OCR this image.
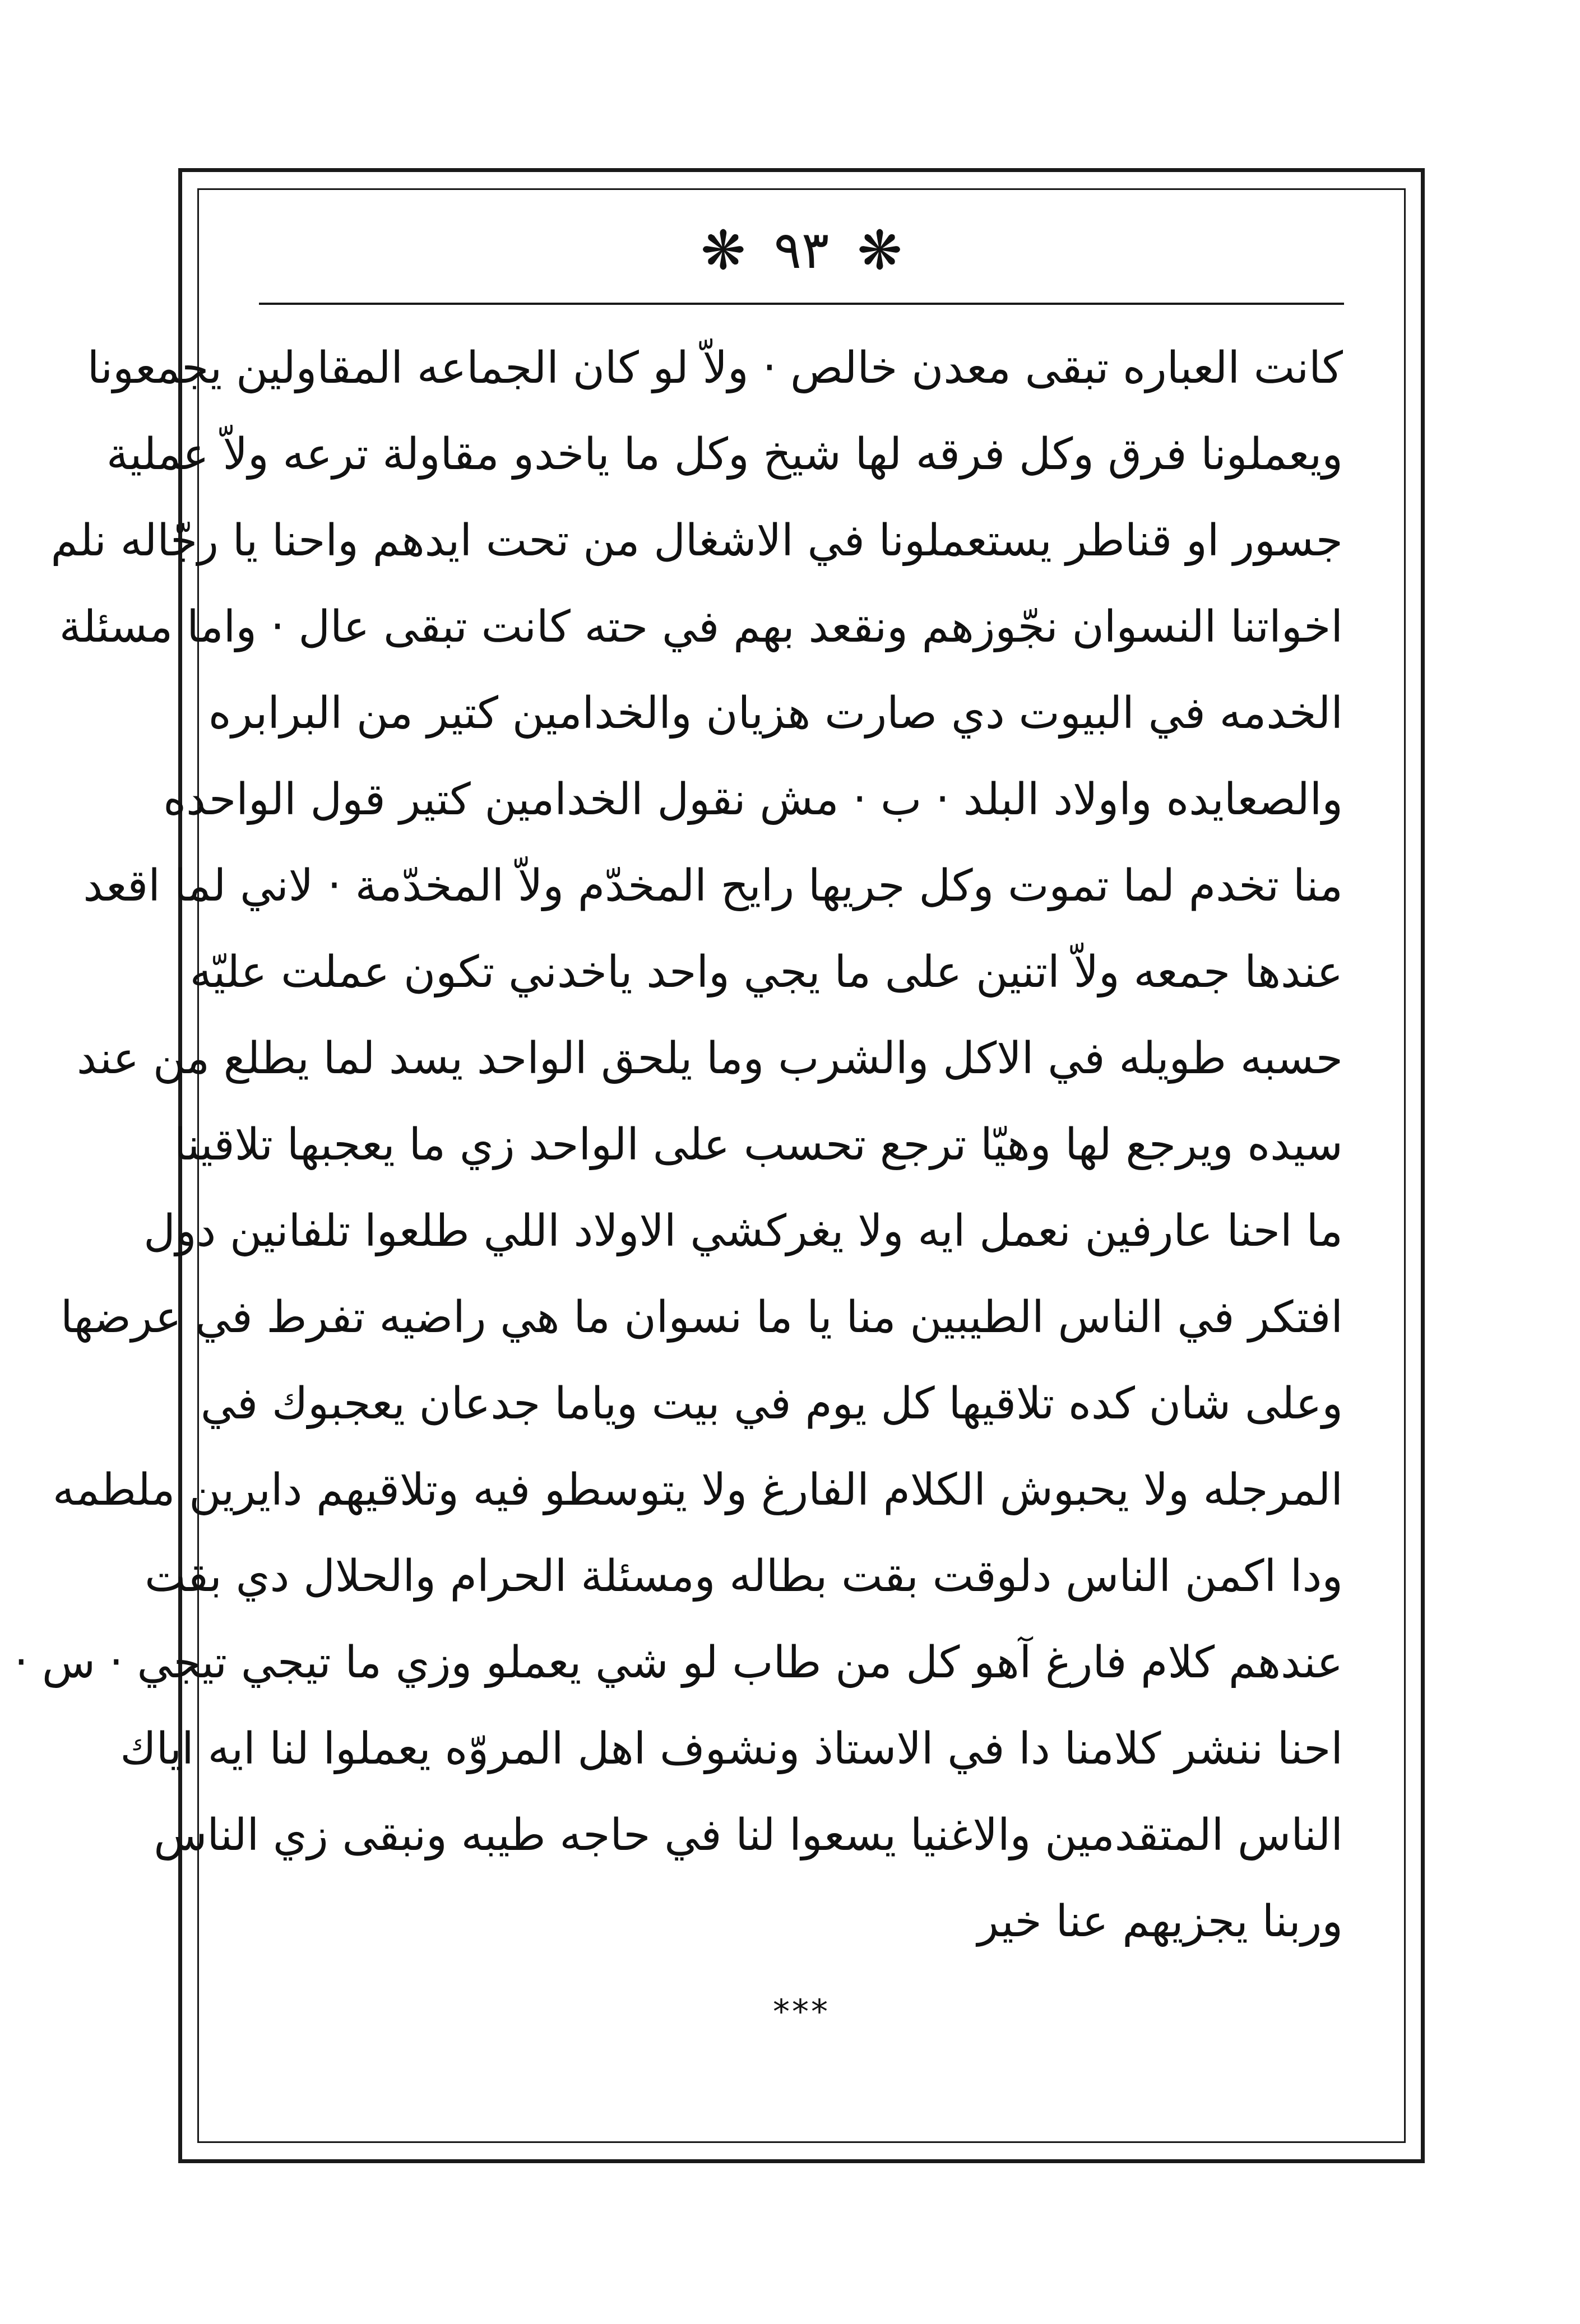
❋ ٩٣ ❋
كانت العباره تبقى معدن خالص · ولاّ لو كان الجماعه المقاولين يجمعونا
ويعملونا فرق وكل فرقه لها شيخ وكل ما ياخدو مقاولة ترعه ولاّ عملية
جسور او قناطر يستعملونا في الاشغال من تحت ايدهم واحنا يا رجّاله نلم
اخواتنا النسوان نجّوزهم ونقعد بهم في حته كانت تبقى عال · واما مسئلة
الخدمه في البيوت دي صارت هزيان والخدامين كتير من البرابره
والصعايده واولاد البلد · ب · مش نقول الخدامين كتير قول الواحده
منا تخدم لما تموت وكل جريها رايح المخدّم ولاّ المخدّمة · لاني لما اقعد
عندها جمعه ولاّ اتنين على ما يجي واحد ياخدني تكون عملت عليّه
حسبه طويله في الاكل والشرب وما يلحق الواحد يسد لما يطلع من عند
سيده ويرجع لها وهيّا ترجع تحسب على الواحد زي ما يعجبها تلاقينا
ما احنا عارفين نعمل ايه ولا يغركشي الاولاد اللي طلعوا تلفانين دول
افتكر في الناس الطيبين منا يا ما نسوان ما هي راضيه تفرط في عرضها
وعلى شان كده تلاقيها كل يوم في بيت وياما جدعان يعجبوك في
المرجله ولا يحبوش الكلام الفارغ ولا يتوسطو فيه وتلاقيهم دايرين ملطمه
ودا اكمن الناس دلوقت بقت بطاله ومسئلة الحرام والحلال دي بقت
عندهم كلام فارغ آهو كل من طاب لو شي يعملو وزي ما تيجي تيجي · س ·
احنا ننشر كلامنا دا في الاستاذ ونشوف اهل المروّه يعملوا لنا ايه اياك
الناس المتقدمين والاغنيا يسعوا لنا في حاجه طيبه ونبقى زي الناس
وربنا يجزيهم عنا خير
***
